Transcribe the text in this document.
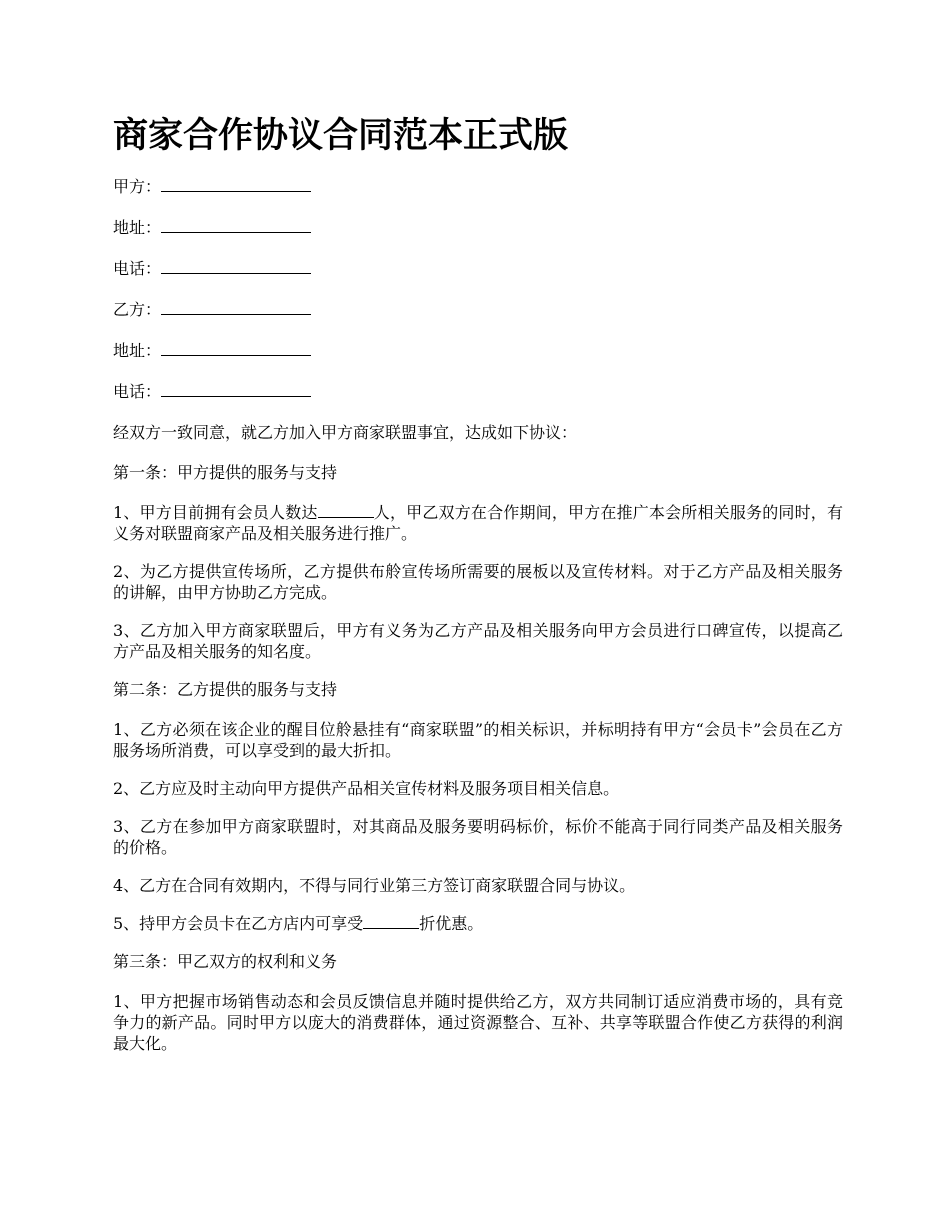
商家合作协议合同范本正式版
甲方：
地址：
电话：
乙方：
地址：
电话：

经双方一致同意，就乙方加入甲方商家联盟事宜，达成如下协议：

第一条：甲方提供的服务与支持

1、甲方目前拥有会员人数达	人，甲乙双方在合作期间，甲方在推广本会所相关服务的同时，有义务对联盟商家产品及相关服务进行推广。

2、为乙方提供宣传场所，乙方提供布舲宣传场所需要的展板以及宣传材料。对于乙方产品及相关服务的讲解，由甲方协助乙方完成。

3、乙方加入甲方商家联盟后，甲方有义务为乙方产品及相关服务向甲方会员进行口碑宣传，以提高乙方产品及相关服务的知名度。

第二条：乙方提供的服务与支持

1、乙方必须在该企业的醒目位舲悬挂有“商家联盟”的相关标识，并标明持有甲方“会员卡”会员在乙方服务场所消费，可以享受到的最大折扣。

2、乙方应及时主动向甲方提供产品相关宣传材料及服务项目相关信息。

3、乙方在参加甲方商家联盟时，对其商品及服务要明码标价，标价不能高于同行同类产品及相关服务的价格。

4、乙方在合同有效期内，不得与同行业第三方签订商家联盟合同与协议。

5、持甲方会员卡在乙方店内可享受	折优惠。

第三条：甲乙双方的权利和义务

1、甲方把握市场销售动态和会员反馈信息并随时提供给乙方，双方共同制订适应消费市场的，具有竞争力的新产品。同时甲方以庞大的消费群体，通过资源整合、互补、共享等联盟合作使乙方获得的利润最大化。
